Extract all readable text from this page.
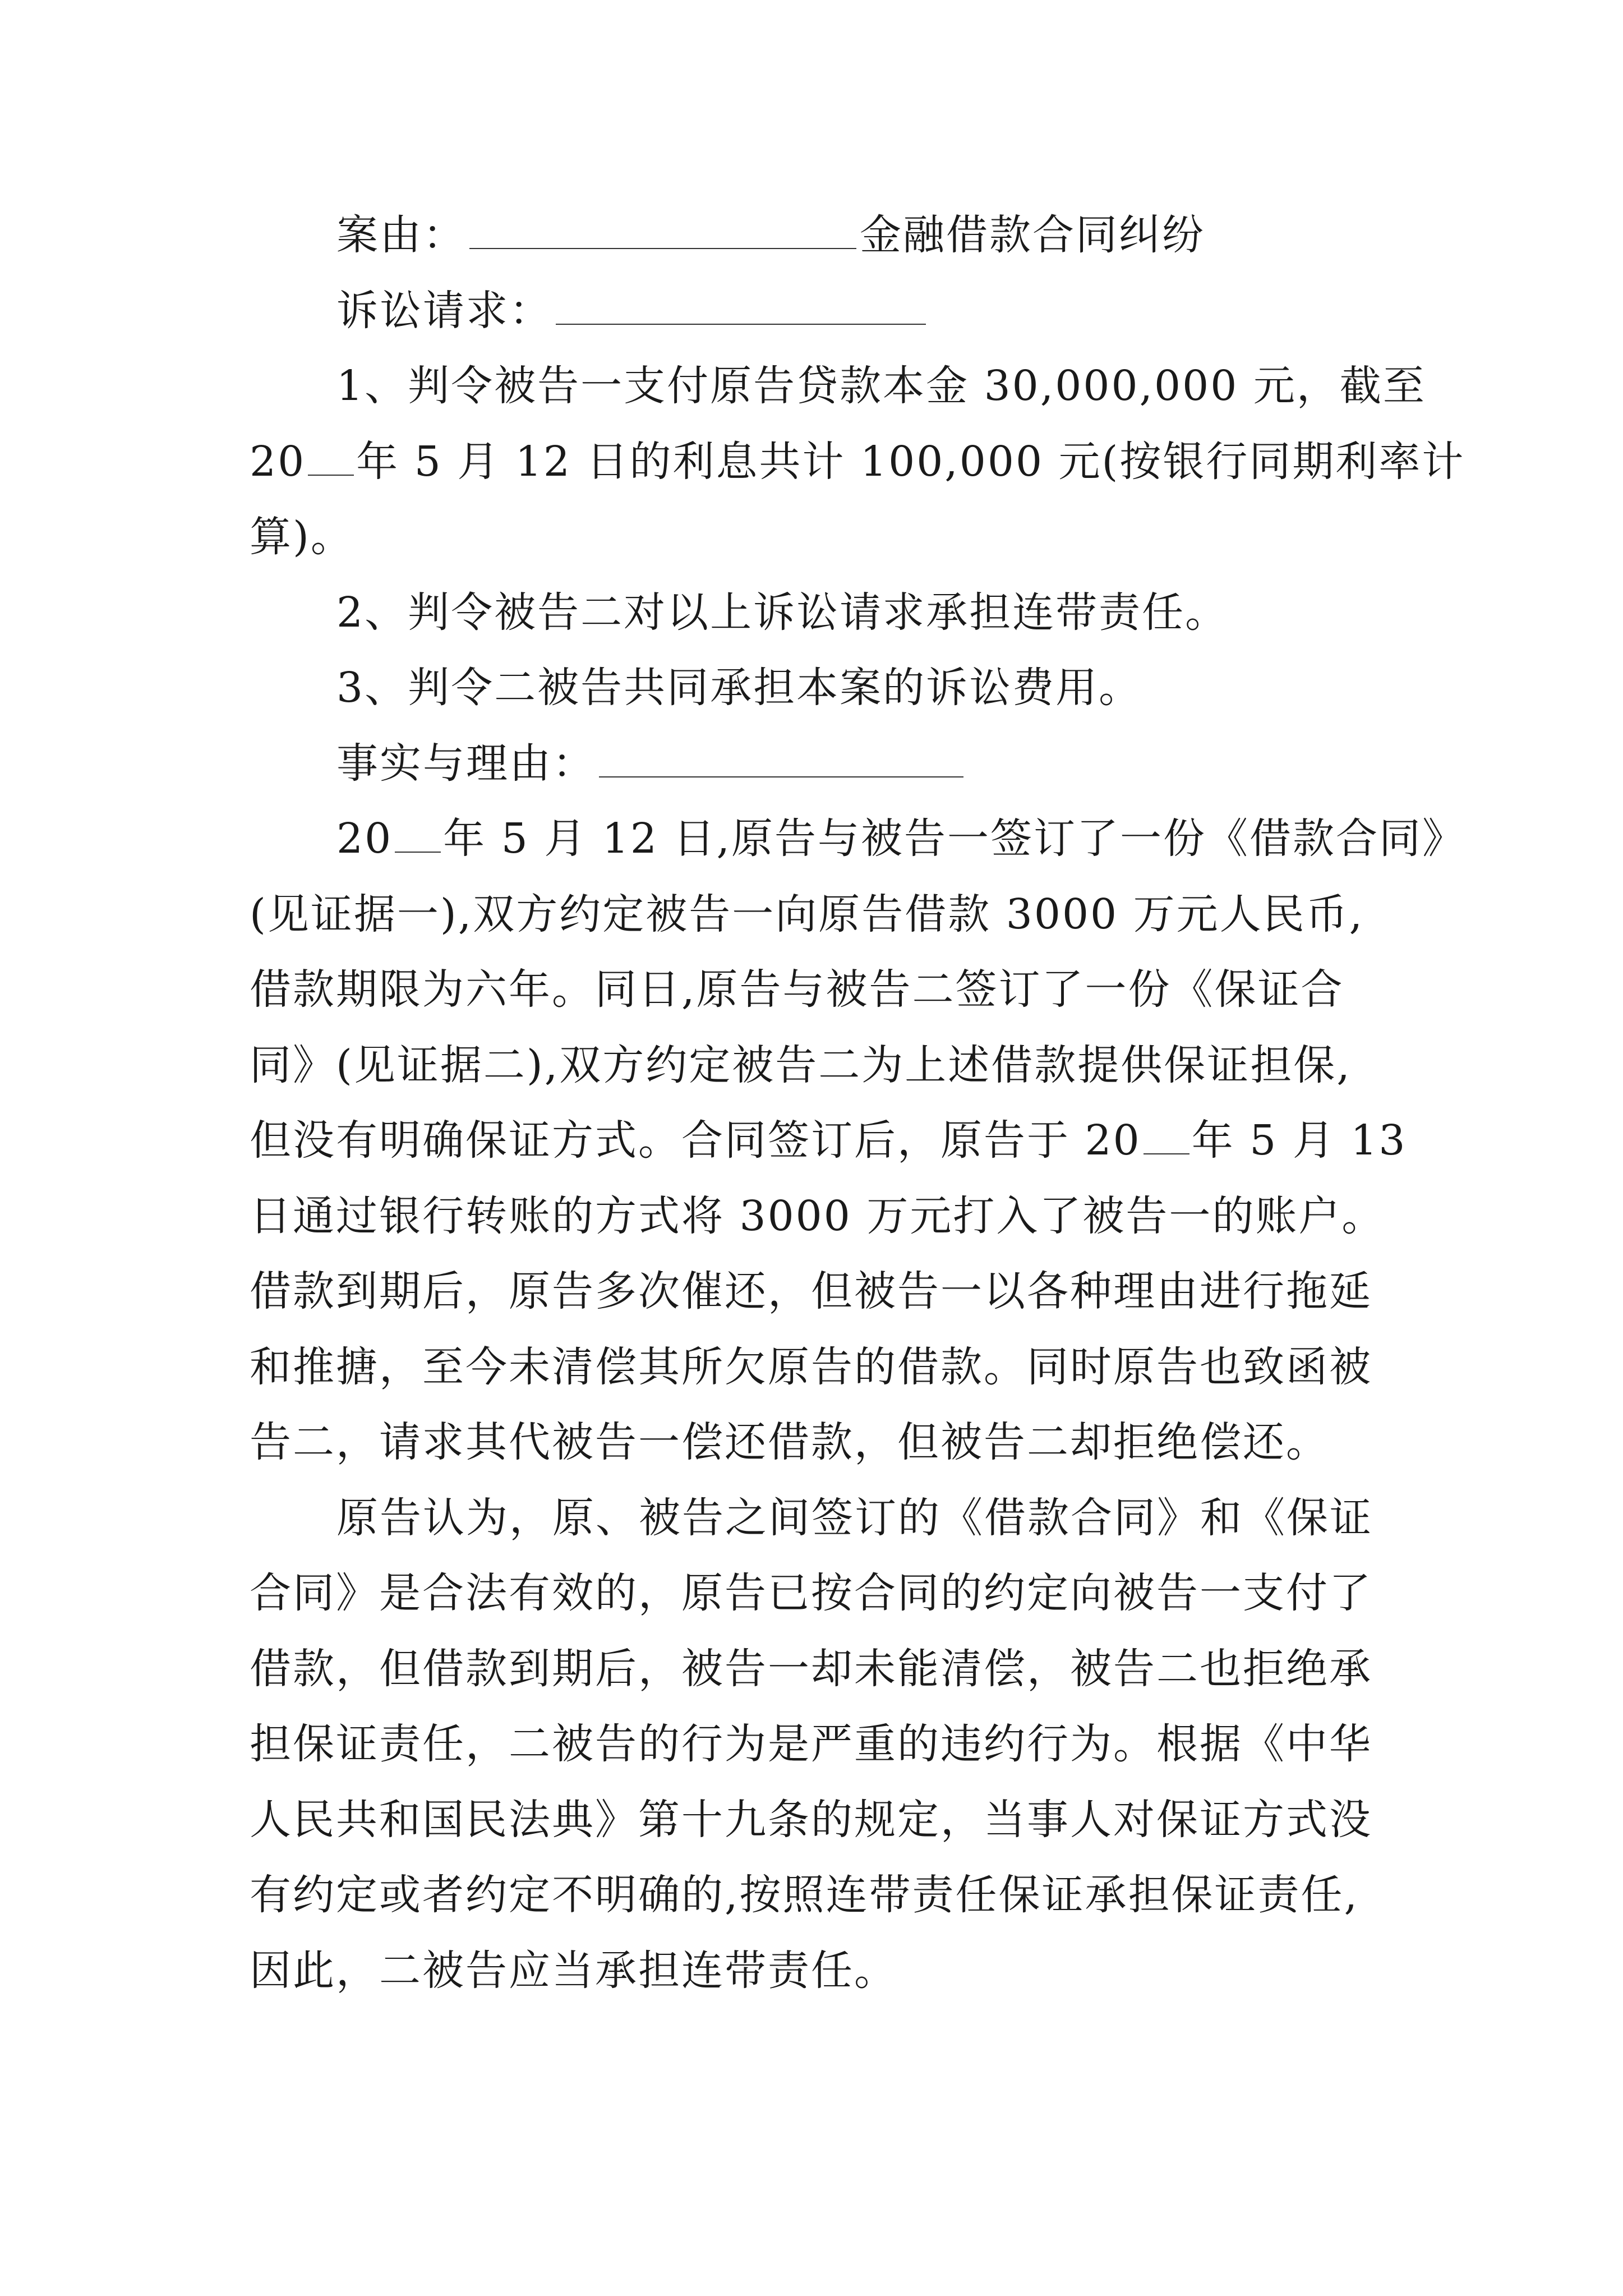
案由：	金融借款合同纠纷
诉讼请求：
1、判令被告一支付原告贷款本金 30,000,000 元，截至
20 年 5 月 12 日的利息共计 100,000 元(按银行同期利率计
算)。
2、判令被告二对以上诉讼请求承担连带责任。
3、判令二被告共同承担本案的诉讼费用。
事实与理由：
20 年 5 月 12 日,原告与被告一签订了一份《借款合同》
(见证据一),双方约定被告一向原告借款 3000 万元人民币,
借款期限为六年。同日,原告与被告二签订了一份《保证合
同》(见证据二),双方约定被告二为上述借款提供保证担保,
但没有明确保证方式。合同签订后，原告于 20 年 5 月 13
日通过银行转账的方式将 3000 万元打入了被告一的账户。
借款到期后，原告多次催还，但被告一以各种理由进行拖延
和推搪，至今未清偿其所欠原告的借款。同时原告也致函被
告二，请求其代被告一偿还借款，但被告二却拒绝偿还。
原告认为，原、被告之间签订的《借款合同》和《保证
合同》是合法有效的，原告已按合同的约定向被告一支付了
借款，但借款到期后，被告一却未能清偿，被告二也拒绝承
担保证责任，二被告的行为是严重的违约行为。根据《中华
人民共和国民法典》第十九条的规定，当事人对保证方式没
有约定或者约定不明确的,按照连带责任保证承担保证责任,
因此，二被告应当承担连带责任。
